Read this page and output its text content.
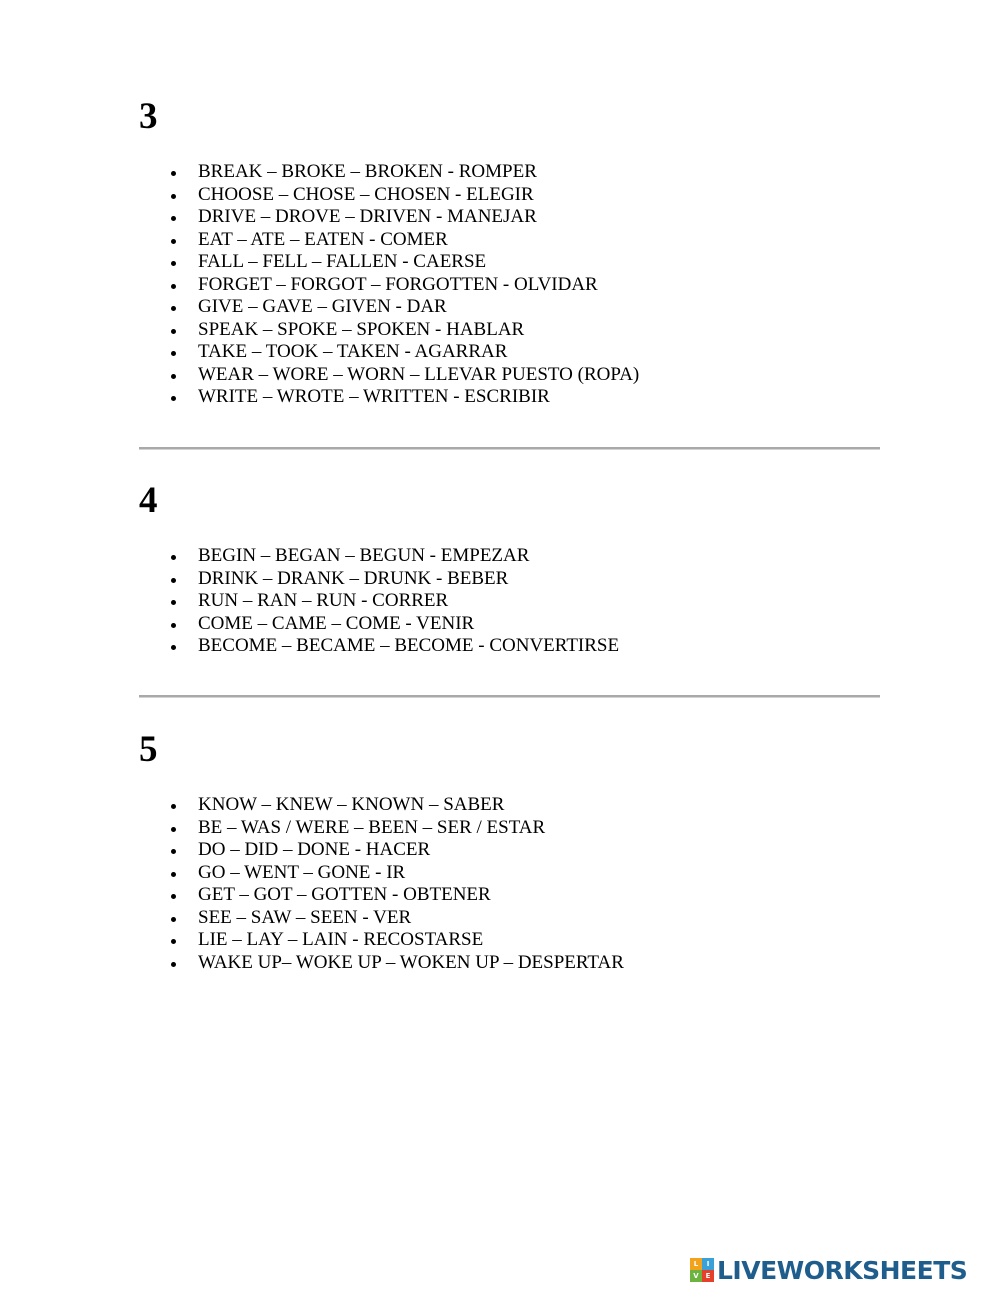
3
BREAK – BROKE – BROKEN - ROMPER
CHOOSE – CHOSE – CHOSEN - ELEGIR
DRIVE – DROVE – DRIVEN - MANEJAR
EAT – ATE – EATEN - COMER
FALL – FELL – FALLEN - CAERSE
FORGET – FORGOT – FORGOTTEN - OLVIDAR
GIVE – GAVE – GIVEN - DAR
SPEAK – SPOKE – SPOKEN - HABLAR
TAKE – TOOK – TAKEN - AGARRAR
WEAR – WORE – WORN – LLEVAR PUESTO (ROPA)
WRITE – WROTE – WRITTEN - ESCRIBIR
4
BEGIN – BEGAN – BEGUN - EMPEZAR
DRINK – DRANK – DRUNK - BEBER
RUN – RAN – RUN - CORRER
COME – CAME – COME - VENIR
BECOME – BECAME – BECOME - CONVERTIRSE
5
KNOW – KNEW – KNOWN – SABER
BE – WAS / WERE – BEEN – SER / ESTAR
DO – DID – DONE - HACER
GO – WENT – GONE - IR
GET – GOT – GOTTEN - OBTENER
SEE – SAW – SEEN - VER
LIE – LAY – LAIN - RECOSTARSE
WAKE UP– WOKE UP – WOKEN UP – DESPERTAR
L	I
V E LIVEWORKSHEETS
